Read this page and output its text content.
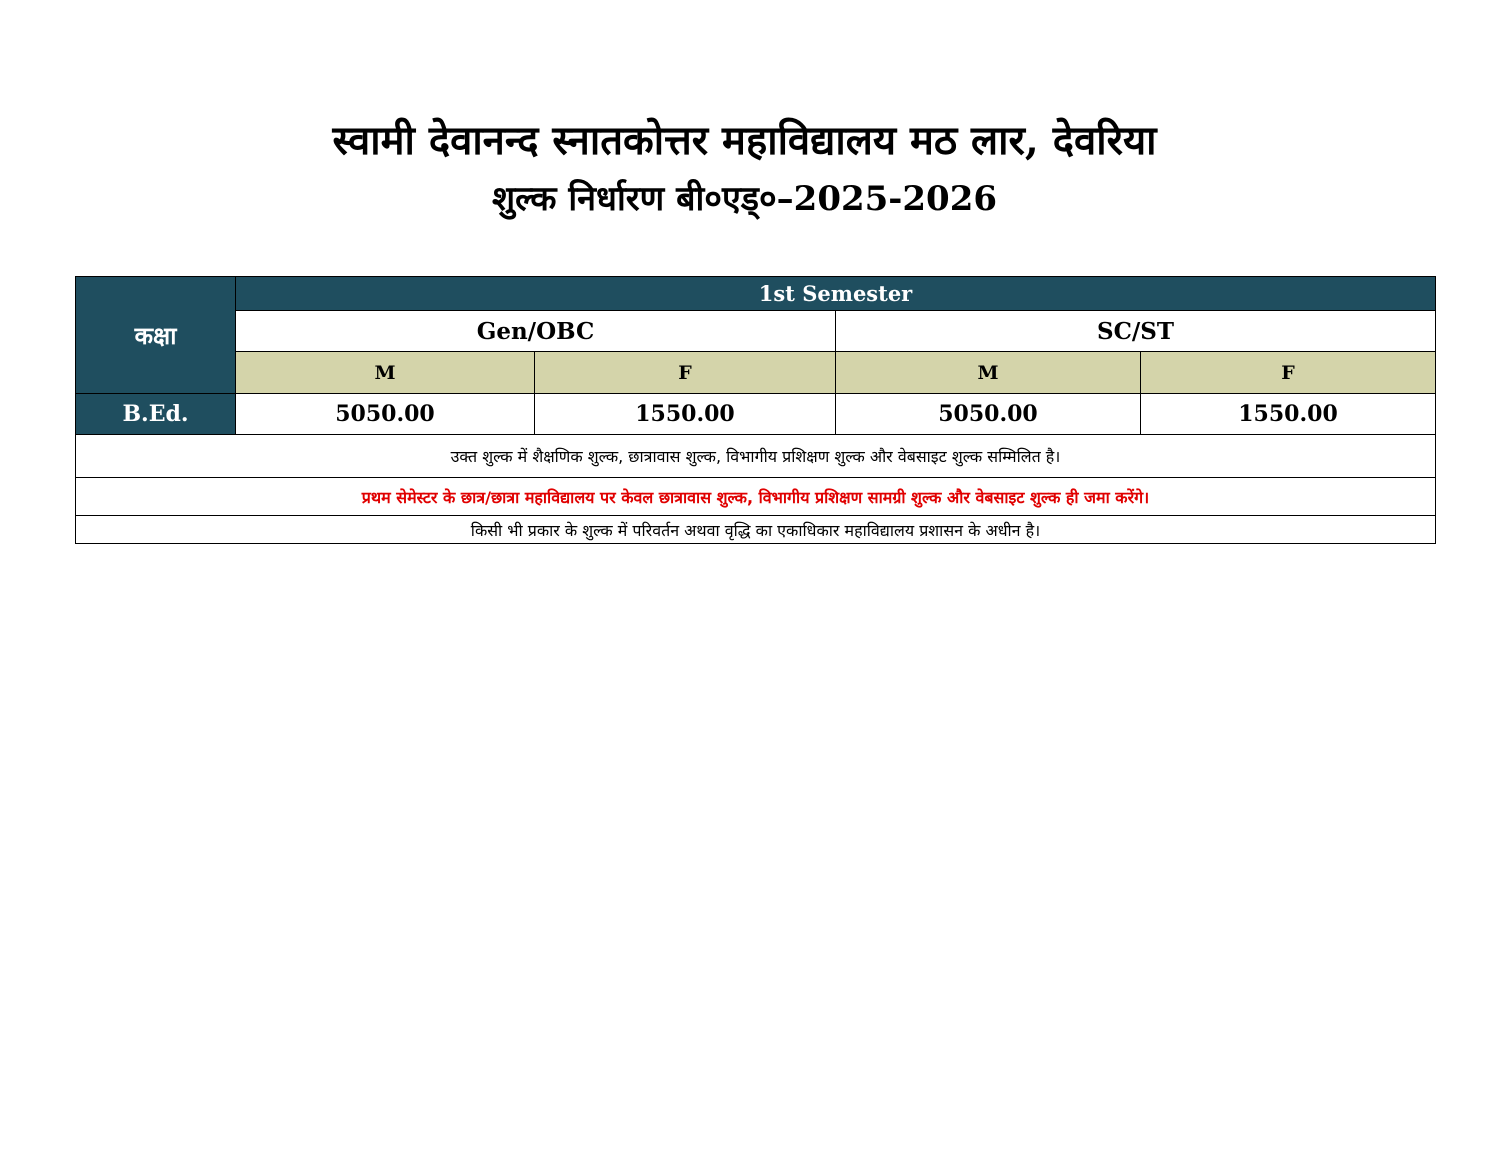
स्वामी देवानन्द स्नातकोत्तर महाविद्यालय मठ लार, देवरिया
शुल्क निर्धारण बी०एड्०–2025-2026
कक्षा	1st Semester			
	Gen/OBC		SC/ST	
	M	F	M	F
B.Ed.	5050.00	1550.00	5050.00	1550.00
उक्त शुल्क में शैक्षणिक शुल्क, छात्रावास शुल्क, विभागीय प्रशिक्षण शुल्क और वेबसाइट शुल्क सम्मिलित है।				
प्रथम सेमेस्टर के छात्र/छात्रा महाविद्यालय पर केवल छात्रावास शुल्क, विभागीय प्रशिक्षण सामग्री शुल्क और वेबसाइट शुल्क ही जमा करेंगे।				
किसी भी प्रकार के शुल्क में परिवर्तन अथवा वृद्धि का एकाधिकार महाविद्यालय प्रशासन के अधीन है।				
